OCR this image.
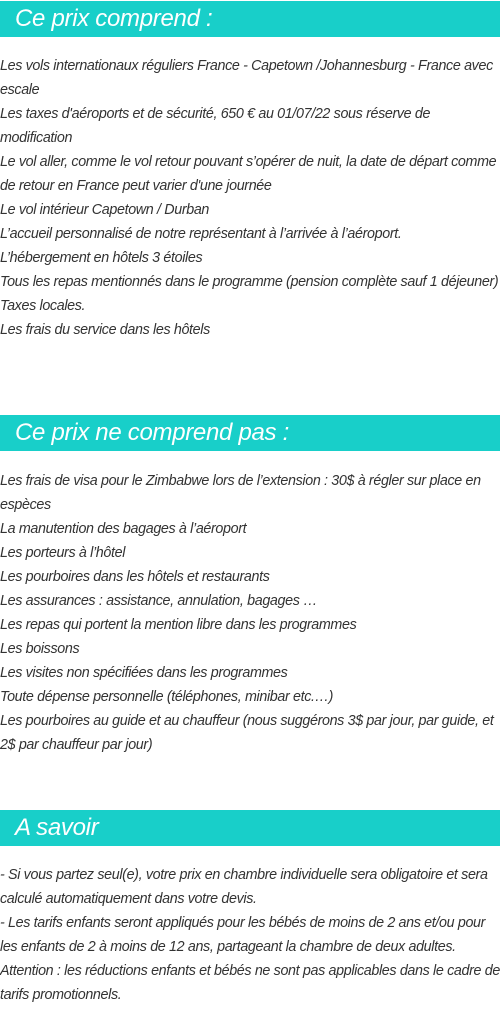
Ce prix comprend :
Les vols internationaux réguliers France - Capetown /Johannesburg - France avec escale
Les taxes d'aéroports et de sécurité, 650 € au 01/07/22 sous réserve de modification
Le vol aller, comme le vol retour pouvant s’opérer de nuit, la date de départ comme de retour en France peut varier d'une journée
Le vol intérieur Capetown / Durban
L’accueil personnalisé de notre représentant à l’arrivée à l’aéroport.
L’hébergement en hôtels 3 étoiles
Tous les repas mentionnés dans le programme (pension complète sauf 1 déjeuner)
Taxes locales.
Les frais du service dans les hôtels
Ce prix ne comprend pas :
Les frais de visa pour le Zimbabwe lors de l’extension : 30$ à régler sur place en espèces
La manutention des bagages à l’aéroport
Les porteurs à l’hôtel
Les pourboires dans les hôtels et restaurants
Les assurances : assistance, annulation, bagages …
Les repas qui portent la mention libre dans les programmes
Les boissons
Les visites non spécifiées dans les programmes
Toute dépense personnelle (téléphones, minibar etc.…)
Les pourboires au guide et au chauffeur (nous suggérons 3$ par jour, par guide, et 2$ par chauffeur par jour)
A savoir
- Si vous partez seul(e), votre prix en chambre individuelle sera obligatoire et sera calculé automatiquement dans votre devis.
- Les tarifs enfants seront appliqués pour les bébés de moins de 2 ans et/ou pour les enfants de 2 à moins de 12 ans, partageant la chambre de deux adultes.
Attention : les réductions enfants et bébés ne sont pas applicables dans le cadre de tarifs promotionnels.
